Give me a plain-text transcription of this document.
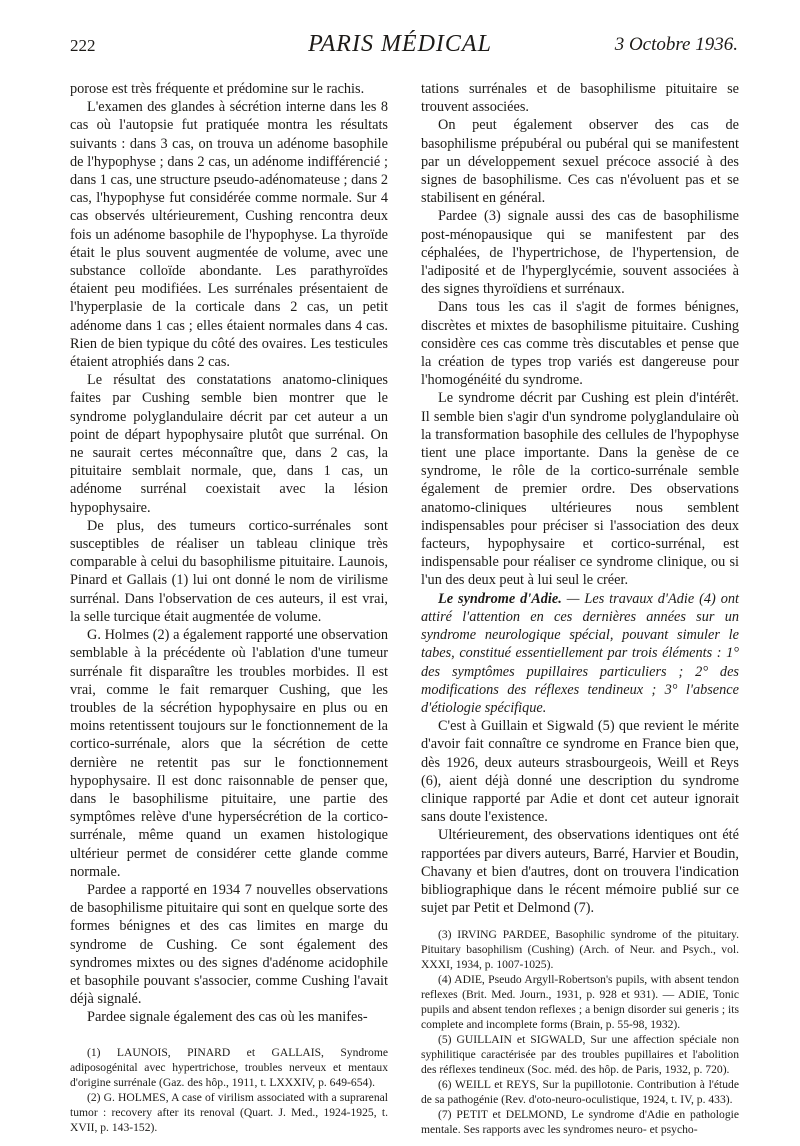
222	PARIS MÉDICAL	3 Octobre 1936.

porose est très fréquente et prédomine sur le rachis.

L'examen des glandes à sécrétion interne dans les 8 cas où l'autopsie fut pratiquée montra les résultats suivants : dans 3 cas, on trouva un adénome basophile de l'hypophyse ; dans 2 cas, un adénome indifférencié ; dans 1 cas, une structure pseudo-adénomateuse ; dans 2 cas, l'hypophyse fut considérée comme normale. Sur 4 cas observés ultérieurement, Cushing rencontra deux fois un adénome basophile de l'hypophyse. La thyroïde était le plus souvent augmentée de volume, avec une substance colloïde abondante. Les parathyroïdes étaient peu modifiées. Les surrénales présentaient de l'hyperplasie de la corticale dans 2 cas, un petit adénome dans 1 cas ; elles étaient normales dans 4 cas. Rien de bien typique du côté des ovaires. Les testicules étaient atrophiés dans 2 cas.

Le résultat des constatations anatomo-cliniques faites par Cushing semble bien montrer que le syndrome polyglandulaire décrit par cet auteur a un point de départ hypophysaire plutôt que surrénal. On ne saurait certes méconnaître que, dans 2 cas, la pituitaire semblait normale, que, dans 1 cas, un adénome surrénal coexistait avec la lésion hypophysaire.

De plus, des tumeurs cortico-surrénales sont susceptibles de réaliser un tableau clinique très comparable à celui du basophilisme pituitaire. Launois, Pinard et Gallais (1) lui ont donné le nom de virilisme surrénal. Dans l'observation de ces auteurs, il est vrai, la selle turcique était augmentée de volume.

G. Holmes (2) a également rapporté une observation semblable à la précédente où l'ablation d'une tumeur surrénale fit disparaître les troubles morbides. Il est vrai, comme le fait remarquer Cushing, que les troubles de la sécrétion hypophysaire en plus ou en moins retentissent toujours sur le fonctionnement de la cortico-surrénale, alors que la sécrétion de cette dernière ne retentit pas sur le fonctionnement hypophysaire. Il est donc raisonnable de penser que, dans le basophilisme pituitaire, une partie des symptômes relève d'une hypersécrétion de la cortico-surrénale, même quand un examen histologique ultérieur permet de considérer cette glande comme normale.

Pardee a rapporté en 1934 7 nouvelles observations de basophilisme pituitaire qui sont en quelque sorte des formes bénignes et des cas limites en marge du syndrome de Cushing. Ce sont également des syndromes mixtes ou des signes d'adénome acidophile et basophile pouvant s'associer, comme Cushing l'avait déjà signalé.

Pardee signale également des cas où les manifes-

(1) LAUNOIS, PINARD et GALLAIS, Syndrome adiposogénital avec hypertrichose, troubles nerveux et mentaux d'origine surrénale (Gaz. des hôp., 1911, t. LXXXIV, p. 649-654).

(2) G. HOLMES, A case of virilism associated with a suprarenal tumor : recovery after its renoval (Quart. J. Med., 1924-1925, t. XVII, p. 143-152).

tations surrénales et de basophilisme pituitaire se trouvent associées.

On peut également observer des cas de basophilisme prépubéral ou pubéral qui se manifestent par un développement sexuel précoce associé à des signes de basophilisme. Ces cas n'évoluent pas et se stabilisent en général.

Pardee (3) signale aussi des cas de basophilisme post-ménopausique qui se manifestent par des céphalées, de l'hypertrichose, de l'hypertension, de l'adiposité et de l'hyperglycémie, souvent associées à des signes thyroïdiens et surrénaux.

Dans tous les cas il s'agit de formes bénignes, discrètes et mixtes de basophilisme pituitaire. Cushing considère ces cas comme très discutables et pense que la création de types trop variés est dangereuse pour l'homogénéité du syndrome.

Le syndrome décrit par Cushing est plein d'intérêt. Il semble bien s'agir d'un syndrome polyglandulaire où la transformation basophile des cellules de l'hypophyse tient une place importante. Dans la genèse de ce syndrome, le rôle de la cortico-surrénale semble également de premier ordre. Des observations anatomo-cliniques ultérieures nous semblent indispensables pour préciser si l'association des deux facteurs, hypophysaire et cortico-surrénal, est indispensable pour réaliser ce syndrome clinique, ou si l'un des deux peut à lui seul le créer.

Le syndrome d'Adie. — Les travaux d'Adie (4) ont attiré l'attention en ces dernières années sur un syndrome neurologique spécial, pouvant simuler le tabes, constitué essentiellement par trois éléments : 1° des symptômes pupillaires particuliers ; 2° des modifications des réflexes tendineux ; 3° l'absence d'étiologie spécifique.

C'est à Guillain et Sigwald (5) que revient le mérite d'avoir fait connaître ce syndrome en France bien que, dès 1926, deux auteurs strasbourgeois, Weill et Reys (6), aient déjà donné une description du syndrome clinique rapporté par Adie et dont cet auteur ignorait sans doute l'existence.

Ultérieurement, des observations identiques ont été rapportées par divers auteurs, Barré, Harvier et Boudin, Chavany et bien d'autres, dont on trouvera l'indication bibliographique dans le récent mémoire publié sur ce sujet par Petit et Delmond (7).

(3) IRVING PARDEE, Basophilic syndrome of the pituitary. Pituitary basophilism (Cushing) (Arch. of Neur. and Psych., vol. XXXI, 1934, p. 1007-1025).

(4) ADIE, Pseudo Argyll-Robertson's pupils, with absent tendon reflexes (Brit. Med. Journ., 1931, p. 928 et 931). — ADIE, Tonic pupils and absent tendon reflexes ; a benign disorder sui generis ; its complete and incomplete forms (Brain, p. 55-98, 1932).

(5) GUILLAIN et SIGWALD, Sur une affection spéciale non syphilitique caractérisée par des troubles pupillaires et l'abolition des réflexes tendineux (Soc. méd. des hôp. de Paris, 1932, p. 720).

(6) WEILL et REYS, Sur la pupillotonie. Contribution à l'étude de sa pathogénie (Rev. d'oto-neuro-oculistique, 1924, t. IV, p. 433).

(7) PETIT et DELMOND, Le syndrome d'Adie en pathologie mentale. Ses rapports avec les syndromes neuro- et psycho-
